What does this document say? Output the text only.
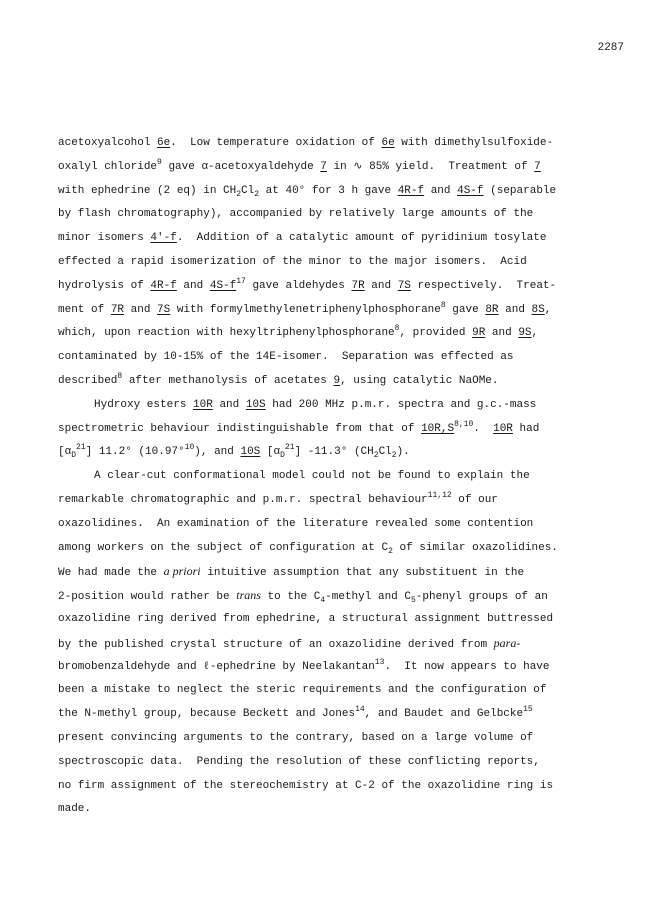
2287
acetoxyalcohol 6e.  Low temperature oxidation of 6e with dimethylsulfoxide-
oxalyl chloride$^9$ gave α-acetoxyaldehyde 7 in ∿ 85% yield.  Treatment of 7
with ephedrine (2 eq) in $CH_2Cl_2$ at 40° for 3 h gave 4R-f and 4S-f (separable
by flash chromatography), accompanied by relatively large amounts of the
minor isomers 4'-f.  Addition of a catalytic amount of pyridinium tosylate
effected a rapid isomerization of the minor to the major isomers.  Acid
hydrolysis of 4R-f and $4S-f^{17}$ gave aldehydes 7R and 7S respectively.  Treat-
ment of 7R and 7S with formylmethylenetriphenylphosphorane$^8$ gave 8R and 8S,
which, upon reaction with hexyltriphenylphosphorane$^8$, provided 9R and 9S,
contaminated by 10-15% of the 14E-isomer.  Separation was effected as
described$^8$ after methanolysis of acetates 9, using catalytic NaOMe.
Hydroxy esters 10R and 10S had 200 MHz p.m.r. spectra and g.c.-mass
spectrometric behaviour indistinguishable from that of $10R,S^{8,10}$.  10R had
$[\alpha_D^{21}]$ 11.2° (10.97°$^{10}$), and 10S $[\alpha_D^{21}]$ -11.3° $(CH_2Cl_2)$.
A clear-cut conformational model could not be found to explain the
remarkable chromatographic and p.m.r. spectral behaviour$^{11,12}$ of our
oxazolidines.  An examination of the literature revealed some contention
among workers on the subject of configuration at $C_2$ of similar oxazolidines.
We had made the a priori intuitive assumption that any substituent in the
2-position would rather be trans to the $C_4$-methyl and $C_5$-phenyl groups of an
oxazolidine ring derived from ephedrine, a structural assignment buttressed
by the published crystal structure of an oxazolidine derived from para-
bromobenzaldehyde and ℓ-ephedrine by Neelakantan$^{13}$.  It now appears to have
been a mistake to neglect the steric requirements and the configuration of
the N-methyl group, because Beckett and Jones$^{14}$, and Baudet and Gelbcke$^{15}$
present convincing arguments to the contrary, based on a large volume of
spectroscopic data.  Pending the resolution of these conflicting reports,
no firm assignment of the stereochemistry at C-2 of the oxazolidine ring is
made.
